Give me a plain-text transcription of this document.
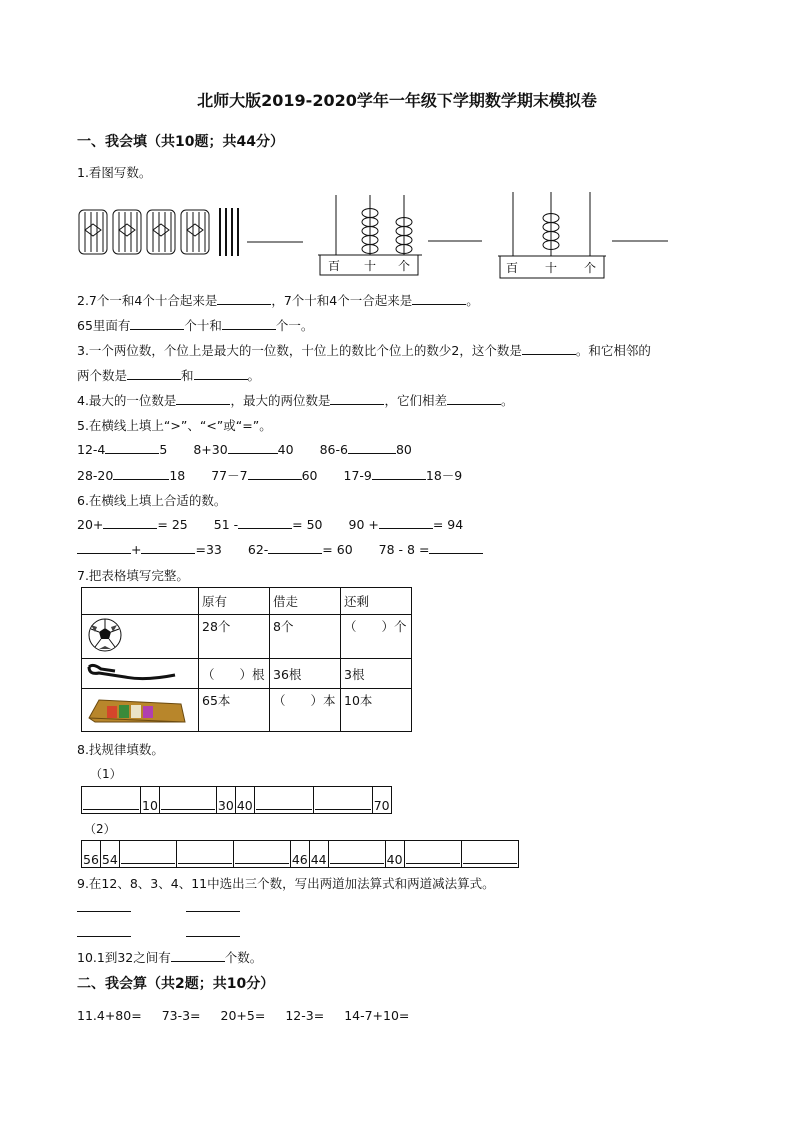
北师大版2019-2020学年一年级下学期数学期末模拟卷
一、我会填（共10题；共44分）
1.看图写数。
百 十 个	百 十 个
2.7个一和4个十合起来是	，7个十和4个一合起来是	。
65里面有	个十和	个一。
3.一个两位数，个位上是最大的一位数，十位上的数比个位上的数少2，这个数是	。和它相邻的
两个数是	和	。
4.最大的一位数是	，最大的两位数是	，它们相差	。
5.在横线上填上“>”、“<”或“=”。
12-4	5 8+30	40 86-6	80
28-20	18 77－7	60 17-9	18－9
6.在横线上填上合适的数。
20+	= 25 51 -	= 50 90 +	= 94
+	=33 62-	= 60 78 - 8 =
7.把表格填写完整。
	原有	借走	还剩
	28个	8个	（　　）个
	（　　）根	36根	3根
	65本	（　　）本	10本
8.找规律填数。
（1）
	10		30	40			70
（2）
56	54				46	44		40		
9.在12、8、3、4、11中选出三个数，写出两道加法算式和两道减法算式。
10.1到32之间有	个数。
二、我会算（共2题；共10分）
11.4+80= 73-3= 20+5= 12-3= 14-7+10=
